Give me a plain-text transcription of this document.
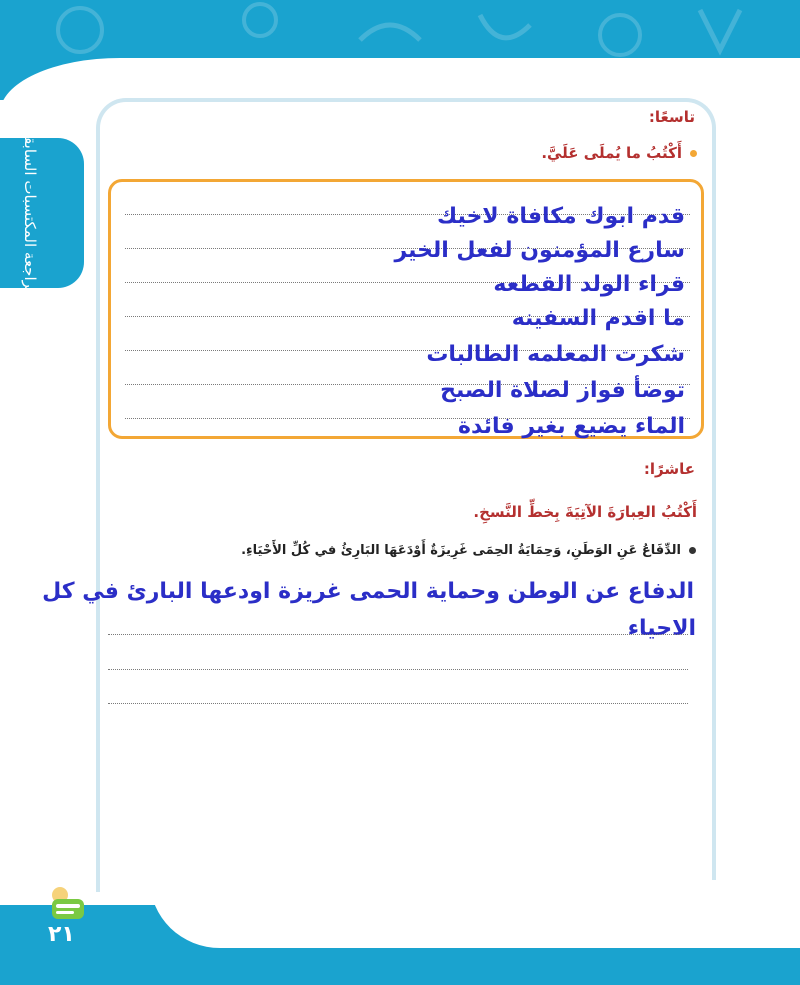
مراجعة المكتسبات السابقة
تاسعًا:
أَكْتُبُ ما يُملَى عَلَيَّ.
قدم ابوك مكافاة لاخيك
سارع المؤمنون لفعل الخير
قراء الولد القطعه
ما اقدم السفينه
شكرت المعلمه الطالبات
توضأ فواز لصلاة الصبح
الماء يضيع بغير فائدة
عاشرًا:
أَكْتُبُ العِبارَةَ الآتِيَةَ بِخطِّ النَّسخِ.
الدِّفَاعُ عَنِ الوَطَنِ، وَحِمَايَةُ الحِمَى غَرِيزَةٌ أَوْدَعَهَا البَارِئُ في كُلِّ الأَحْيَاءِ.
الدفاع عن الوطن وحماية الحمى غريزة اودعها البارئ في كل
الاحياء
٢١
